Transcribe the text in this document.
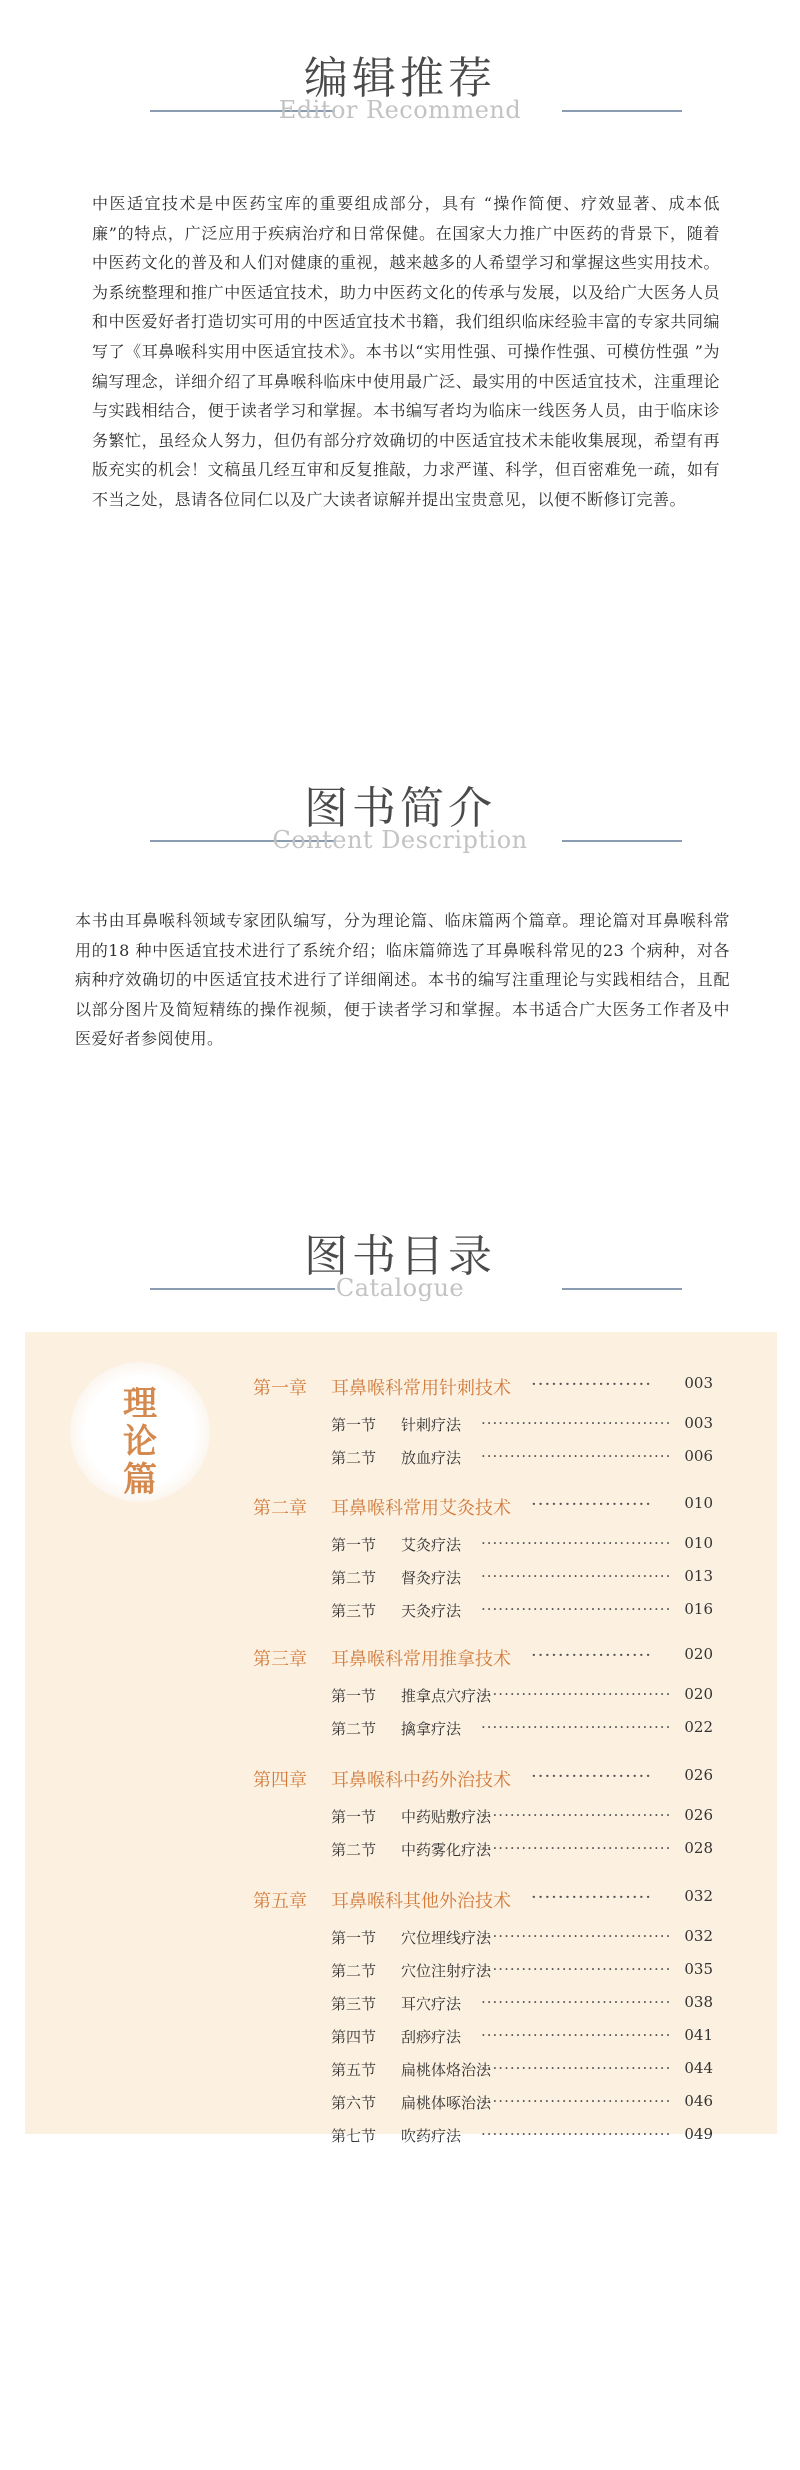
编辑推荐
Editor Recommend
中医适宜技术是中医药宝库的重要组成部分，具有 “操作简便、疗效显著、成本低廉”的特点，广泛应用于疾病治疗和日常保健。在国家大力推广中医药的背景下，随着中医药文化的普及和人们对健康的重视，越来越多的人希望学习和掌握这些实用技术。为系统整理和推广中医适宜技术，助力中医药文化的传承与发展，以及给广大医务人员和中医爱好者打造切实可用的中医适宜技术书籍，我们组织临床经验丰富的专家共同编写了《耳鼻喉科实用中医适宜技术》。本书以“实用性强、可操作性强、可模仿性强 ”为编写理念，详细介绍了耳鼻喉科临床中使用最广泛、最实用的中医适宜技术，注重理论与实践相结合，便于读者学习和掌握。本书编写者均为临床一线医务人员，由于临床诊务繁忙，虽经众人努力，但仍有部分疗效确切的中医适宜技术未能收集展现，希望有再版充实的机会！文稿虽几经互审和反复推敲，力求严谨、科学，但百密难免一疏，如有不当之处，恳请各位同仁以及广大读者谅解并提出宝贵意见，以便不断修订完善。
图书简介
Content Description
本书由耳鼻喉科领域专家团队编写，分为理论篇、临床篇两个篇章。理论篇对耳鼻喉科常用的18 种中医适宜技术进行了系统介绍；临床篇筛选了耳鼻喉科常见的23 个病种，对各病种疗效确切的中医适宜技术进行了详细阐述。本书的编写注重理论与实践相结合，且配以部分图片及简短精练的操作视频，便于读者学习和掌握。本书适合广大医务工作者及中医爱好者参阅使用。
图书目录
Catalogue
理
论
篇
第一章 耳鼻喉科常用针刺技术 ·····	003
第一节 针刺疗法 ·····	003
第二节 放血疗法 ·····	006
第二章 耳鼻喉科常用艾灸技术 ·····	010
第一节 艾灸疗法 ·····	010
第二节 督灸疗法 ·····	013
第三节 天灸疗法 ·····	016
第三章 耳鼻喉科常用推拿技术 ·····	020
第一节 推拿点穴疗法 ·····	020
第二节 擒拿疗法 ·····	022
第四章 耳鼻喉科中药外治技术 ·····	026
第一节 中药贴敷疗法 ·····	026
第二节 中药雾化疗法 ·····	028
第五章 耳鼻喉科其他外治技术 ·····	032
第一节 穴位埋线疗法 ·····	032
第二节 穴位注射疗法 ·····	035
第三节 耳穴疗法 ·····	038
第四节 刮痧疗法 ·····	041
第五节 扁桃体烙治法 ·····	044
第六节 扁桃体啄治法 ·····	046
第七节 吹药疗法 ·····	049
